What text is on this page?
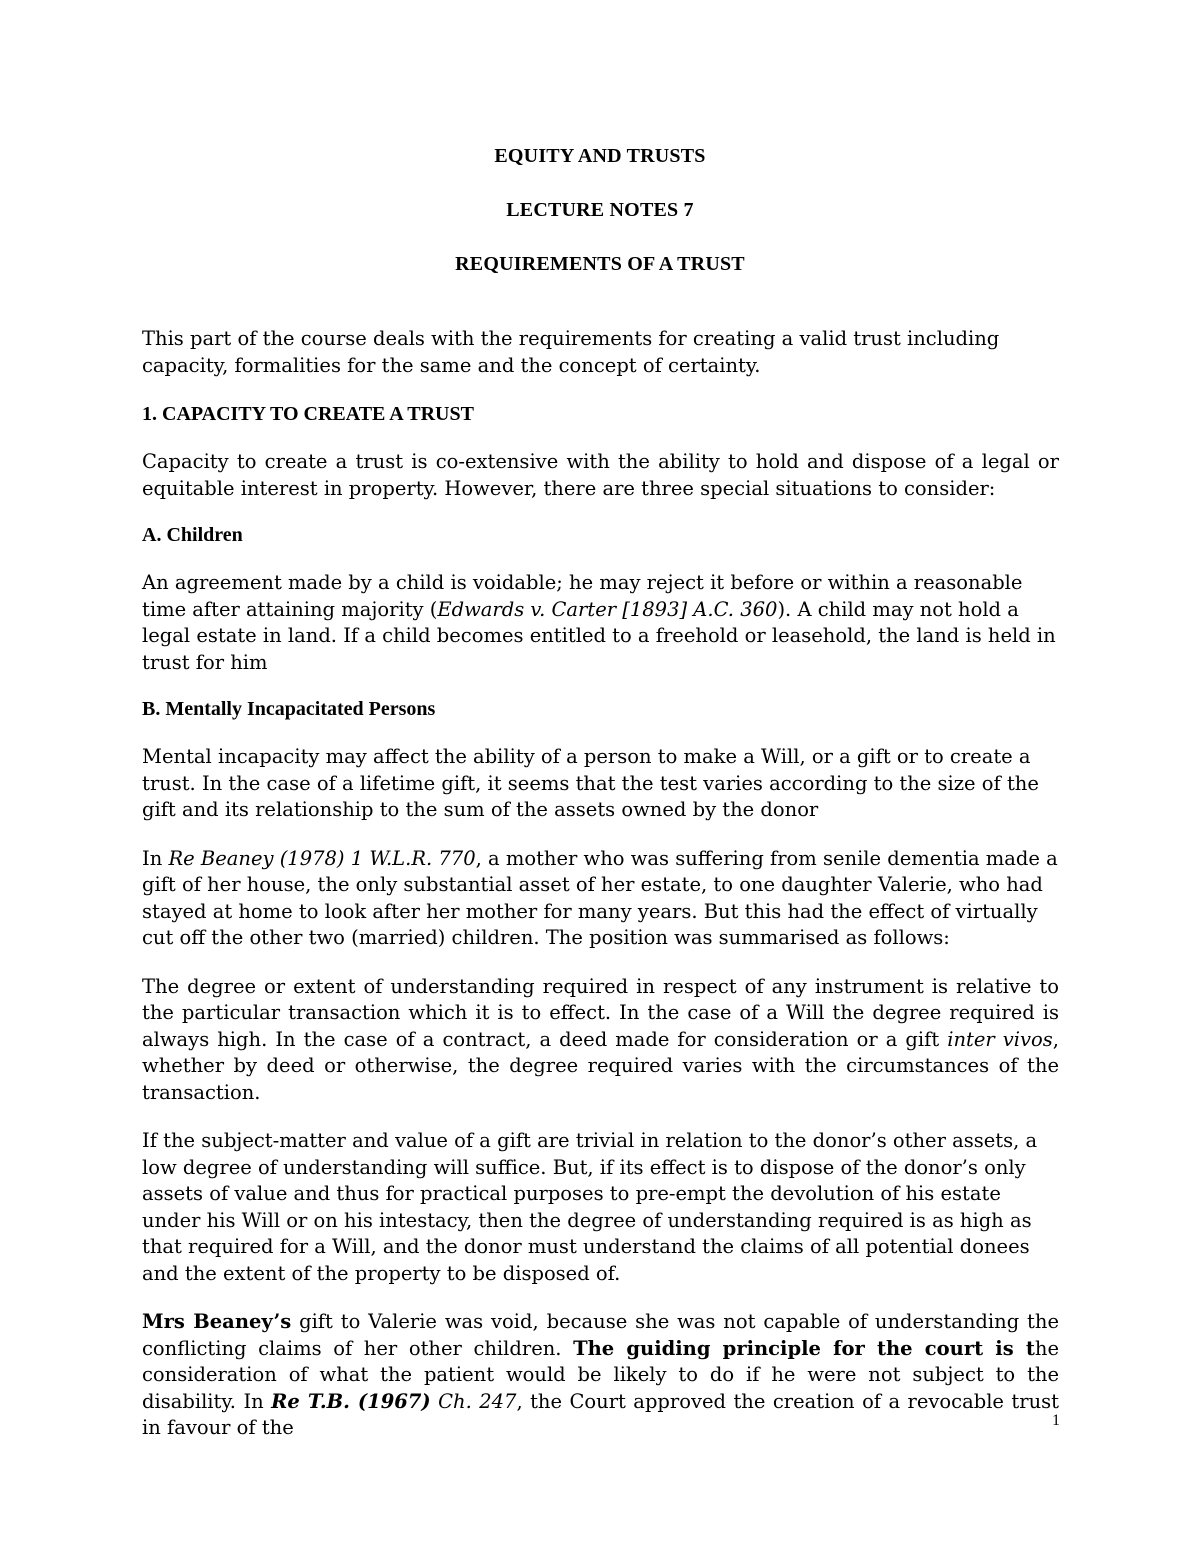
EQUITY AND TRUSTS
LECTURE NOTES 7
REQUIREMENTS OF A TRUST

This part of the course deals with the requirements for creating a valid trust including capacity, formalities for the same and the concept of certainty.

1. CAPACITY TO CREATE A TRUST

Capacity to create a trust is co-extensive with the ability to hold and dispose of a legal or equitable interest in property. However, there are three special situations to consider:

A. Children

An agreement made by a child is voidable; he may reject it before or within a reasonable time after attaining majority (Edwards v. Carter [1893] A.C. 360). A child may not hold a legal estate in land. If a child becomes entitled to a freehold or leasehold, the land is held in trust for him

B. Mentally Incapacitated Persons

Mental incapacity may affect the ability of a person to make a Will, or a gift or to create a trust. In the case of a lifetime gift, it seems that the test varies according to the size of the gift and its relationship to the sum of the assets owned by the donor

In Re Beaney (1978) 1 W.L.R. 770, a mother who was suffering from senile dementia made a gift of her house, the only substantial asset of her estate, to one daughter Valerie, who had stayed at home to look after her mother for many years. But this had the effect of virtually cut off the other two (married) children. The position was summarised as follows:

The degree or extent of understanding required in respect of any instrument is relative to the particular transaction which it is to effect. In the case of a Will the degree required is always high. In the case of a contract, a deed made for consideration or a gift inter vivos, whether by deed or otherwise, the degree required varies with the circumstances of the transaction.

If the subject-matter and value of a gift are trivial in relation to the donor’s other assets, a low degree of understanding will suffice. But, if its effect is to dispose of the donor’s only assets of value and thus for practical purposes to pre-empt the devolution of his estate under his Will or on his intestacy, then the degree of understanding required is as high as that required for a Will, and the donor must understand the claims of all potential donees and the extent of the property to be disposed of.

Mrs Beaney’s gift to Valerie was void, because she was not capable of understanding the conflicting claims of her other children. The guiding principle for the court is the consideration of what the patient would be likely to do if he were not subject to the disability. In Re T.B. (1967) Ch. 247, the Court approved the creation of a revocable trust in favour of the	1
